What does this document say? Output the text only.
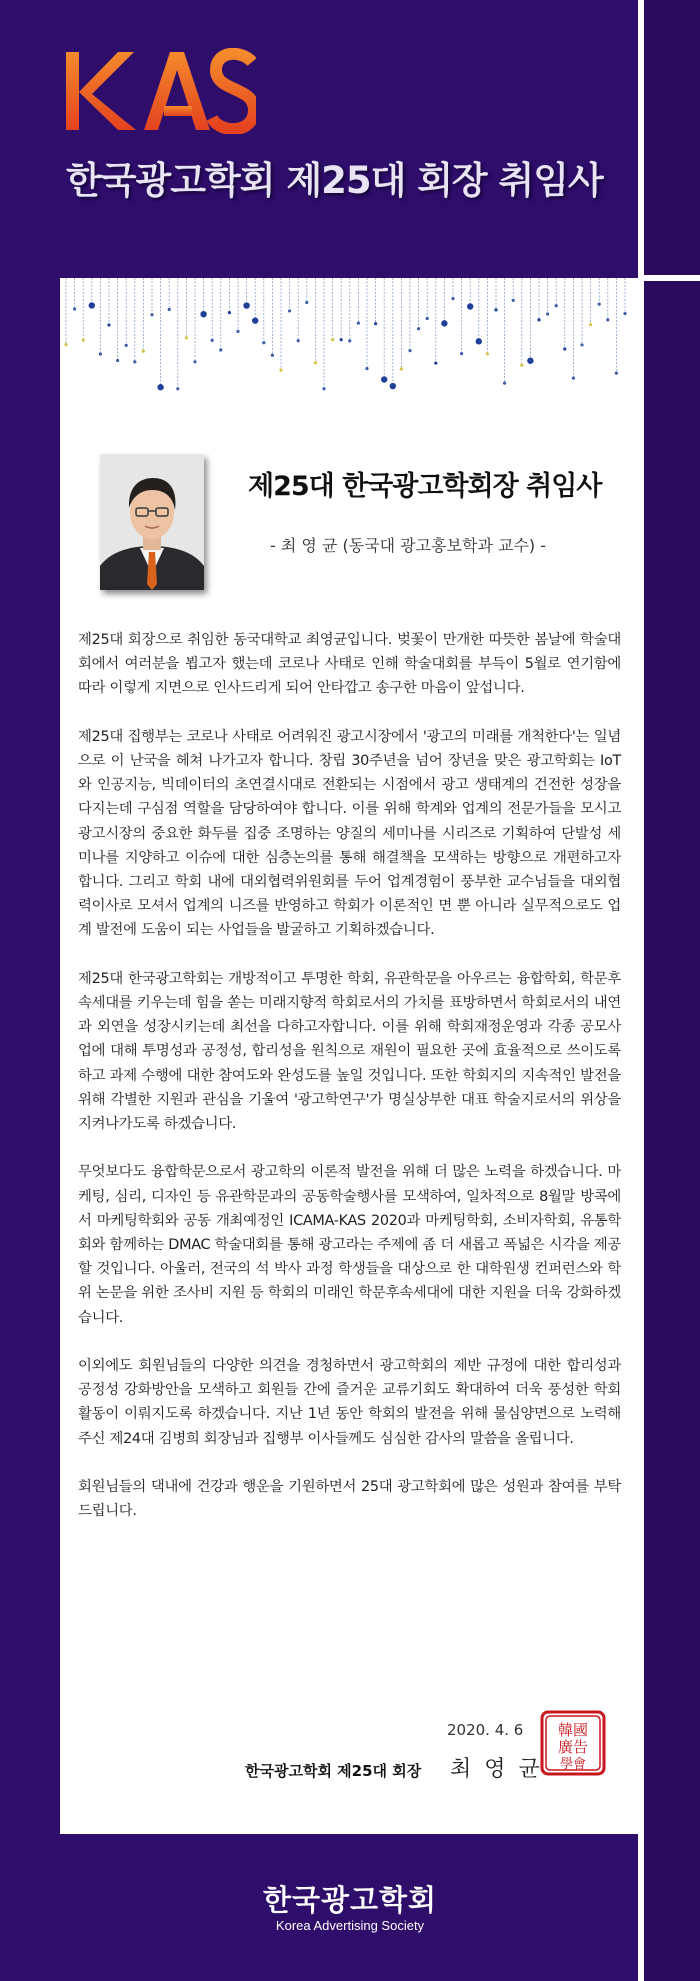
한국광고학회 제25대 회장 취임사
제25대 한국광고학회장 취임사
- 최 영 균 (동국대 광고홍보학과 교수) -

제25대 회장으로 취임한 동국대학교 최영균입니다. 벚꽃이 만개한 따뜻한 봄날에 학술대회에서 여러분을 뵙고자 했는데 코로나 사태로 인해 학술대회를 부득이 5월로 연기함에 따라 이렇게 지면으로 인사드리게 되어 안타깝고 송구한 마음이 앞섭니다.

제25대 집행부는 코로나 사태로 어려워진 광고시장에서 '광고의 미래를 개척한다'는 일념으로 이 난국을 헤쳐 나가고자 합니다. 창립 30주년을 넘어 장년을 맞은 광고학회는 IoT와 인공지능, 빅데이터의 초연결시대로 전환되는 시점에서 광고 생태계의 건전한 성장을 다지는데 구심점 역할을 담당하여야 합니다. 이를 위해 학계와 업계의 전문가들을 모시고 광고시장의 중요한 화두를 집중 조명하는 양질의 세미나를 시리즈로 기획하여 단발성 세미나를 지양하고 이슈에 대한 심층논의를 통해 해결책을 모색하는 방향으로 개편하고자 합니다. 그리고 학회 내에 대외협력위원회를 두어 업계경험이 풍부한 교수님들을 대외협력이사로 모셔서 업계의 니즈를 반영하고 학회가 이론적인 면 뿐 아니라 실무적으로도 업계 발전에 도움이 되는 사업들을 발굴하고 기획하겠습니다.

제25대 한국광고학회는 개방적이고 투명한 학회, 유관학문을 아우르는 융합학회, 학문후속세대를 키우는데 힘을 쏟는 미래지향적 학회로서의 가치를 표방하면서 학회로서의 내연과 외연을 성장시키는데 최선을 다하고자합니다. 이를 위해 학회재정운영과 각종 공모사업에 대해 투명성과 공정성, 합리성을 원칙으로 재원이 필요한 곳에 효율적으로 쓰이도록 하고 과제 수행에 대한 참여도와 완성도를 높일 것입니다. 또한 학회지의 지속적인 발전을 위해 각별한 지원과 관심을 기울여 '광고학연구'가 명실상부한 대표 학술지로서의 위상을 지켜나가도록 하겠습니다.

무엇보다도 융합학문으로서 광고학의 이론적 발전을 위해 더 많은 노력을 하겠습니다. 마케팅, 심리, 디자인 등 유관학문과의 공동학술행사를 모색하여, 일차적으로 8월말 방콕에서 마케팅학회와 공동 개최예정인 ICAMA-KAS 2020과 마케팅학회, 소비자학회, 유통학회와 함께하는 DMAC 학술대회를 통해 광고라는 주제에 좀 더 새롭고 폭넓은 시각을 제공할 것입니다. 아울러, 전국의 석 박사 과정 학생들을 대상으로 한 대학원생 컨퍼런스와 학위 논문을 위한 조사비 지원 등 학회의 미래인 학문후속세대에 대한 지원을 더욱 강화하겠습니다.

이외에도 회원님들의 다양한 의견을 경청하면서 광고학회의 제반 규정에 대한 합리성과 공정성 강화방안을 모색하고 회원들 간에 즐거운 교류기회도 확대하여 더욱 풍성한 학회활동이 이뤄지도록 하겠습니다. 지난 1년 동안 학회의 발전을 위해 물심양면으로 노력해주신 제24대 김병희 회장님과 집행부 이사들께도 심심한 감사의 말씀을 올립니다.

회원님들의 댁내에 건강과 행운을 기원하면서 25대 광고학회에 많은 성원과 참여를 부탁드립니다.

2020. 4. 6
한국광고학회 제25대 회장 최 영 균
韓國
廣告
學會
한국광고학회
Korea Advertising Society
